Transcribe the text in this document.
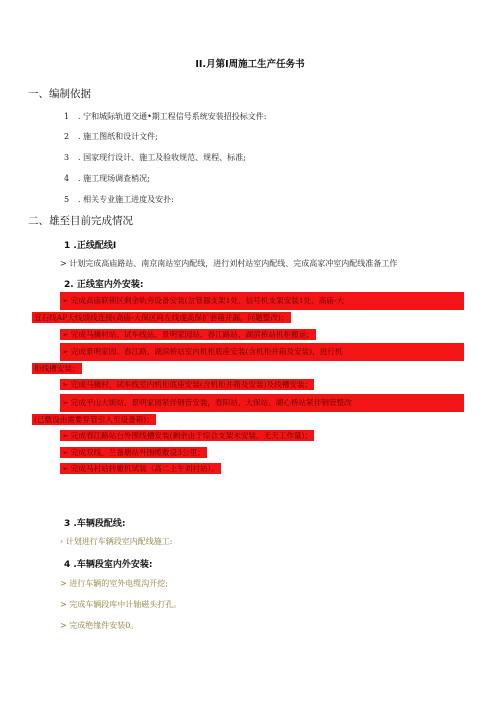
II.月第I周施工生产任务书
一、编制依据
1 . 宁和城际轨道交通•期工程信号系统安装招投标文件:
2 . 施工图纸和设计文件;
3 . 国家现行设计、施工及验收规范、规程、标准;
4 . 施工现场调查梢况;
5 . 相关专业施工进度及安扑:
二、雄至目前完成情况
1 .正线配线I
> 计划完成高庙路站、南京南站室内配线，进行刘村站室内配线、完成高家冲室内配线准备工作
2. 正线室内外安装:
➢ 完成高庙联锁区剩余轨旁设备安装(岔管器支架1处、信号机支架安装1处、高庙-大
宜石线AP天线馈线连接(高庙-大保区间左线虔高保扩套箱并漏，问题整改)；
➢ 完成马骥村站、试车线站、景明家园站、春江路站、湖滨桥站机柜搬运；
➢ 完成景明家园、春江路、湖滨桥站室内机柜底座安装(含机柜并箱及安装)，进行机
柜线槽安装；
➢ 完成马骥村、试车线室内机柜底座安装(含机柜并箱及安装)及线槽安装；
➢ 完成平山大街站、景明家园紧伴钢管安装，春阳站、大保站、湖心桥站紧伴钢管整改
(已敷设由需要穿管引入至设备箱)；
➢ 完成春江路站台外围线槽安装(剩余由于综合支架未安装，无天工作量)；
➢ 完成双线、兰备塘站外围缆敷设3公里；
➢ 完成马村站转辙机试装（高二上午刘村站）。
3 .车辆段配线:
› 计划进行车辆段室内配线施工:
4 .车辆段室内外安装:
> 进行车辆的室外电缆沟开挖;
> 完成车辆段库中计轴磁头打孔。
> 完成绝缘件安装0。
